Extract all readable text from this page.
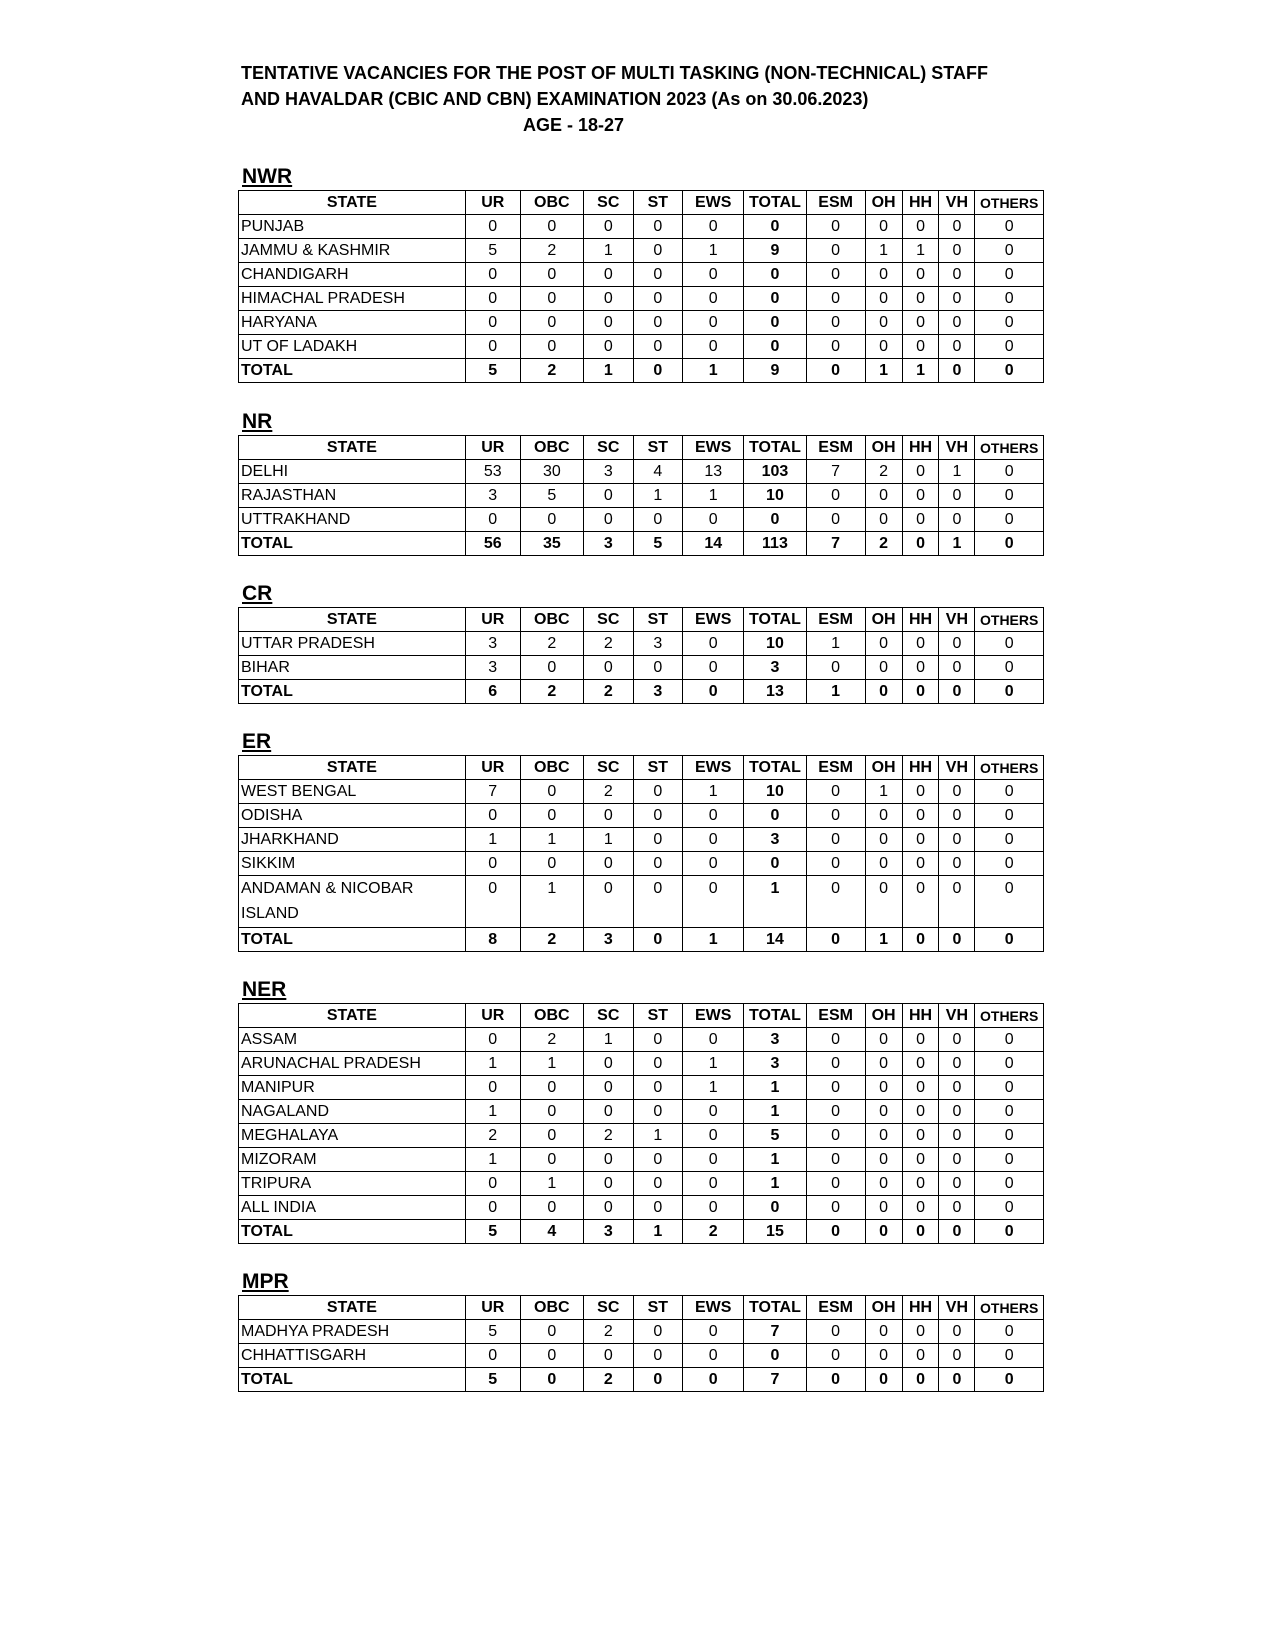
TENTATIVE VACANCIES FOR THE POST OF MULTI TASKING (NON-TECHNICAL) STAFF
AND HAVALDAR (CBIC AND CBN) EXAMINATION 2023 (As on 30.06.2023)
AGE - 18-27
NWR
STATE	UR	OBC	SC	ST	EWS	TOTAL	ESM	OH	HH	VH	OTHERS
PUNJAB	0	0	0	0	0	0	0	0	0	0	0
JAMMU & KASHMIR	5	2	1	0	1	9	0	1	1	0	0
CHANDIGARH	0	0	0	0	0	0	0	0	0	0	0
HIMACHAL PRADESH	0	0	0	0	0	0	0	0	0	0	0
HARYANA	0	0	0	0	0	0	0	0	0	0	0
UT OF LADAKH	0	0	0	0	0	0	0	0	0	0	0
TOTAL	5	2	1	0	1	9	0	1	1	0	0
NR
STATE	UR	OBC	SC	ST	EWS	TOTAL	ESM	OH	HH	VH	OTHERS
DELHI	53	30	3	4	13	103	7	2	0	1	0
RAJASTHAN	3	5	0	1	1	10	0	0	0	0	0
UTTRAKHAND	0	0	0	0	0	0	0	0	0	0	0
TOTAL	56	35	3	5	14	113	7	2	0	1	0
CR
STATE	UR	OBC	SC	ST	EWS	TOTAL	ESM	OH	HH	VH	OTHERS
UTTAR PRADESH	3	2	2	3	0	10	1	0	0	0	0
BIHAR	3	0	0	0	0	3	0	0	0	0	0
TOTAL	6	2	2	3	0	13	1	0	0	0	0
ER
STATE	UR	OBC	SC	ST	EWS	TOTAL	ESM	OH	HH	VH	OTHERS
WEST BENGAL	7	0	2	0	1	10	0	1	0	0	0
ODISHA	0	0	0	0	0	0	0	0	0	0	0
JHARKHAND	1	1	1	0	0	3	0	0	0	0	0
SIKKIM	0	0	0	0	0	0	0	0	0	0	0
ANDAMAN & NICOBAR ISLAND	0	1	0	0	0	1	0	0	0	0	0
TOTAL	8	2	3	0	1	14	0	1	0	0	0
NER
STATE	UR	OBC	SC	ST	EWS	TOTAL	ESM	OH	HH	VH	OTHERS
ASSAM	0	2	1	0	0	3	0	0	0	0	0
ARUNACHAL PRADESH	1	1	0	0	1	3	0	0	0	0	0
MANIPUR	0	0	0	0	1	1	0	0	0	0	0
NAGALAND	1	0	0	0	0	1	0	0	0	0	0
MEGHALAYA	2	0	2	1	0	5	0	0	0	0	0
MIZORAM	1	0	0	0	0	1	0	0	0	0	0
TRIPURA	0	1	0	0	0	1	0	0	0	0	0
ALL INDIA	0	0	0	0	0	0	0	0	0	0	0
TOTAL	5	4	3	1	2	15	0	0	0	0	0
MPR
STATE	UR	OBC	SC	ST	EWS	TOTAL	ESM	OH	HH	VH	OTHERS
MADHYA PRADESH	5	0	2	0	0	7	0	0	0	0	0
CHHATTISGARH	0	0	0	0	0	0	0	0	0	0	0
TOTAL	5	0	2	0	0	7	0	0	0	0	0
